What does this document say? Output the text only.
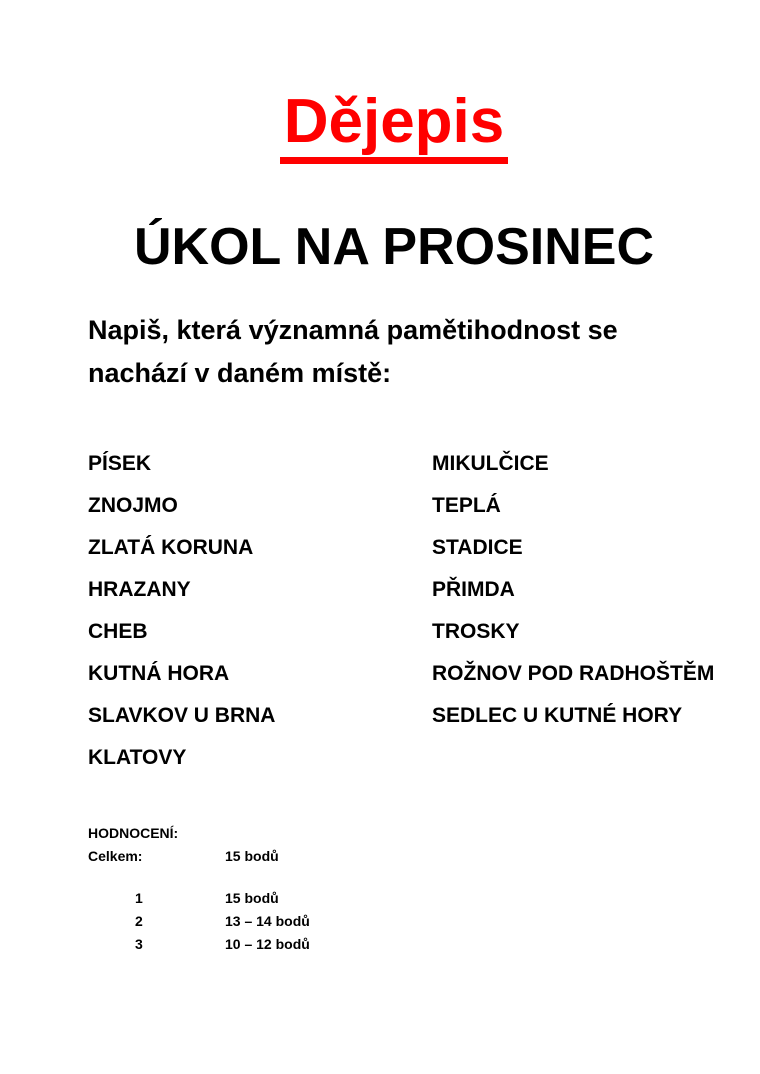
Dějepis
ÚKOL NA PROSINEC

Napiš, která významná pamětihodnost se
nachází v daném místě:

PÍSEK	MIKULČICE
ZNOJMO	TEPLÁ
ZLATÁ KORUNA	STADICE
HRAZANY	PŘIMDA
CHEB	TROSKY
KUTNÁ HORA	ROŽNOV POD RADHOŠTĚM
SLAVKOV U BRNA	SEDLEC U KUTNÉ HORY
KLATOVY
HODNOCENÍ:
Celkem:	15 bodů
1	15 bodů
2	13 – 14 bodů
3	10 – 12 bodů
